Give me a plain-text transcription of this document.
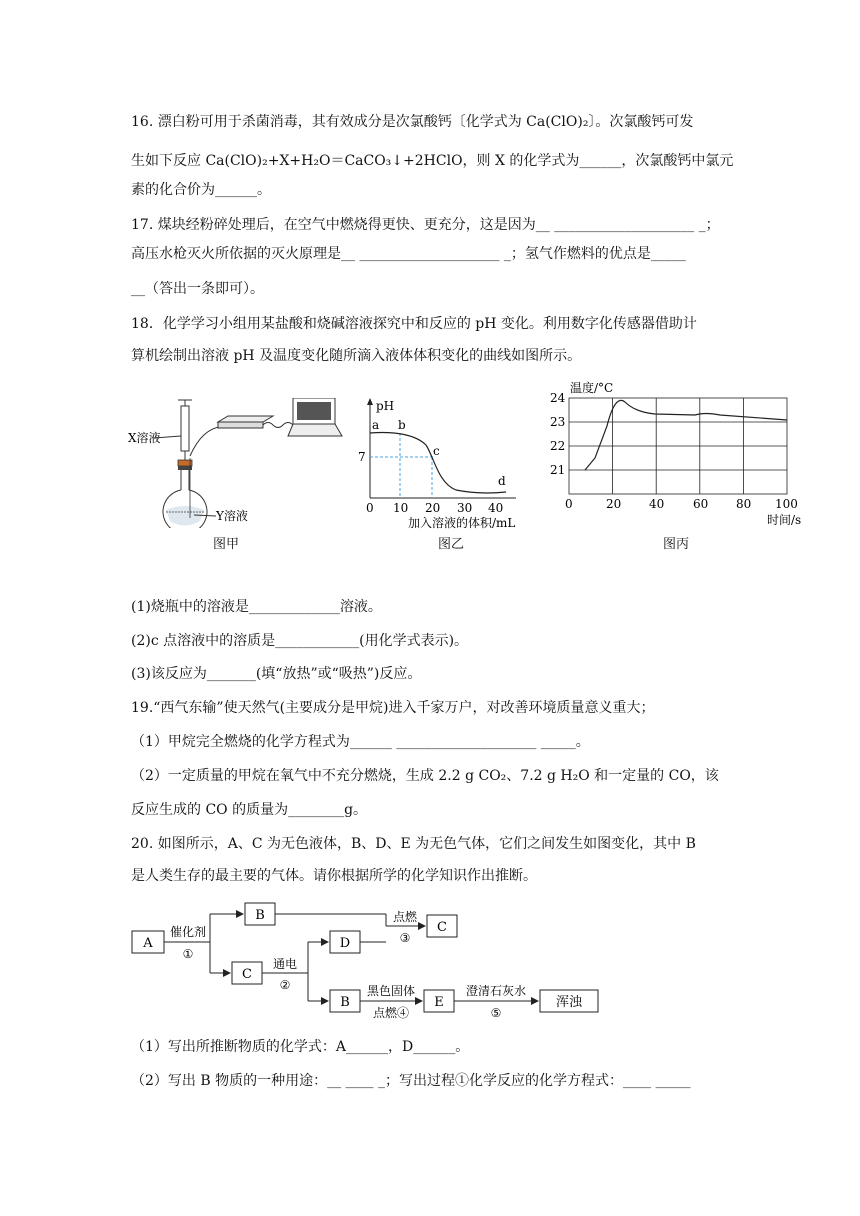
16. 漂白粉可用于杀菌消毒，其有效成分是次氯酸钙〔化学式为 Ca(ClO)₂〕。次氯酸钙可发
生如下反应 Ca(ClO)₂+X+H₂O＝CaCO₃↓+2HClO，则 X 的化学式为______，次氯酸钙中氯元
素的化合价为______。
17. 煤块经粉碎处理后，在空气中燃烧得更快、更充分，这是因为__ ____________________ _；
高压水枪灭火所依据的灭火原理是__ ____________________ _；氢气作燃料的优点是_____
__（答出一条即可）。
18．化学学习小组用某盐酸和烧碱溶液探究中和反应的 pH 变化。利用数字化传感器借助计
算机绘制出溶液 pH 及温度变化随所滴入液体体积变化的曲线如图所示。
X溶液
Y溶液
图甲
pH
7
a b
c
d
0 10 20 30 40
加入溶液的体积/mL
图乙
温度/°C
24
23
22
21
0	20 40 60 80 100
时间/s
图丙
(1)烧瓶中的溶液是_____________溶液。
(2)c 点溶液中的溶质是____________(用化学式表示)。
(3)该反应为_______(填“放热”或“吸热”)反应。
19.“西气东输”使天然气(主要成分是甲烷)进入千家万户，对改善环境质量意义重大；
（1）甲烷完全燃烧的化学方程式为______ ____________________ _____。
（2）一定质量的甲烷在氧气中不充分燃烧，生成 2.2 g CO₂、7.2 g H₂O 和一定量的 CO，该
反应生成的 CO 的质量为________g。
20. 如图所示，A、C 为无色液体，B、D、E 为无色气体，它们之间发生如图变化，其中 B
是人类生存的最主要的气体。请你根据所学的化学知识作出推断。
A
B
C
D
C
B	E	浑浊
催化剂
①
点燃
③
通电
②	黑色固体
点燃④
澄清石灰水
⑤
（1）写出所推断物质的化学式：A______，D______。
（2）写出 B 物质的一种用途：__ ____ _；写出过程①化学反应的化学方程式：____ _____
